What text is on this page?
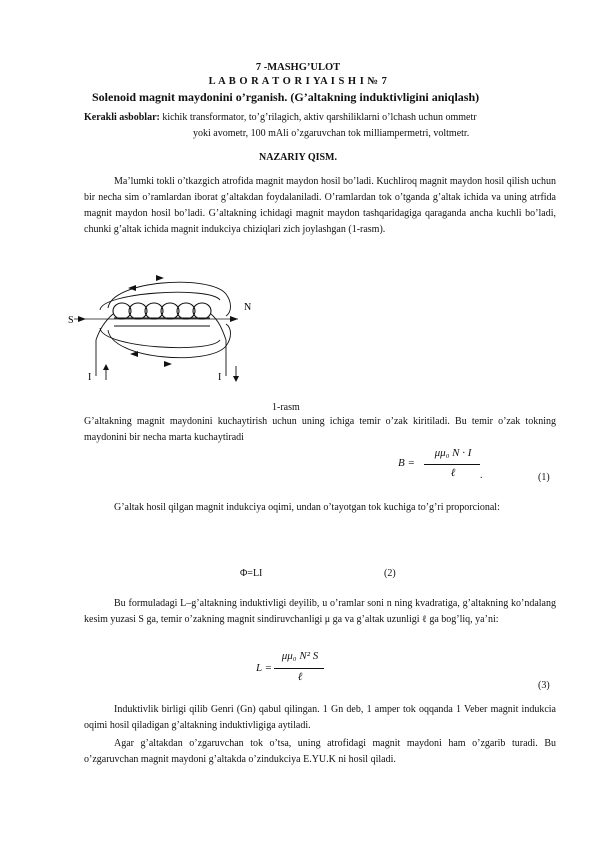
7 -MASHG’ULOT
L A B O R A T O R I YA I S H I № 7
Solenoid magnit maydonini o’rganish. (G’altakning induktivligini aniqlash)
Kerakli asboblar: kichik transformator, to’g’rilagich, aktiv qarshiliklarni o’lchash uchun ommetr
yoki avometr, 100 mAli o’zgaruvchan tok milliampermetri, voltmetr.
NAZARIY QISM.
Ma’lumki tokli o’tkazgich atrofida magnit maydon hosil bo’ladi. Kuchliroq magnit maydon hosil qilish uchun bir necha sim o’ramlardan iborat g’altakdan foydalaniladi. O’ramlardan tok o’tganda g’altak ichida va uning atrfida magnit maydon hosil bo’ladi. G’altakning ichidagi magnit maydon tashqaridagiga qaraganda ancha kuchli bo’ladi, chunki g’altak ichida magnit indukciya chiziqlari zich joylashgan (1-rasm).
S
N
I	I
1-rasm
G’altakning magnit maydonini kuchaytirish uchun uning ichiga temir o’zak kiritiladi. Bu temir o’zak tokning maydonini bir necha marta kuchaytiradi
B =
μμ₀ N · I
ℓ	.	(1)
G’altak hosil qilgan magnit indukciya oqimi, undan o’tayotgan tok kuchiga to’g’ri proporcional:
Φ=LI	(2)
Bu formuladagi L–g’altakning induktivligi deyilib, u o’ramlar soni n ning kvadratiga, g’altakning ko’ndalang kesim yuzasi S ga, temir o’zakning magnit sindiruvchanligi μ ga va g’altak uzunligi ℓ ga bog’liq, ya’ni:
L =
μμ₀ N² S
ℓ
(3)
Induktivlik birligi qilib Genri (Gn) qabul qilingan. 1 Gn deb, 1 amper tok oqqanda 1 Veber magnit indukcia oqimi hosil qiladigan g’altakning induktivligiga aytiladi.
Agar g’altakdan o’zgaruvchan tok o’tsa, uning atrofidagi magnit maydoni ham o’zgarib turadi. Bu o’zgaruvchan magnit maydoni g’altakda o’zindukciya E.YU.K ni hosil qiladi.
